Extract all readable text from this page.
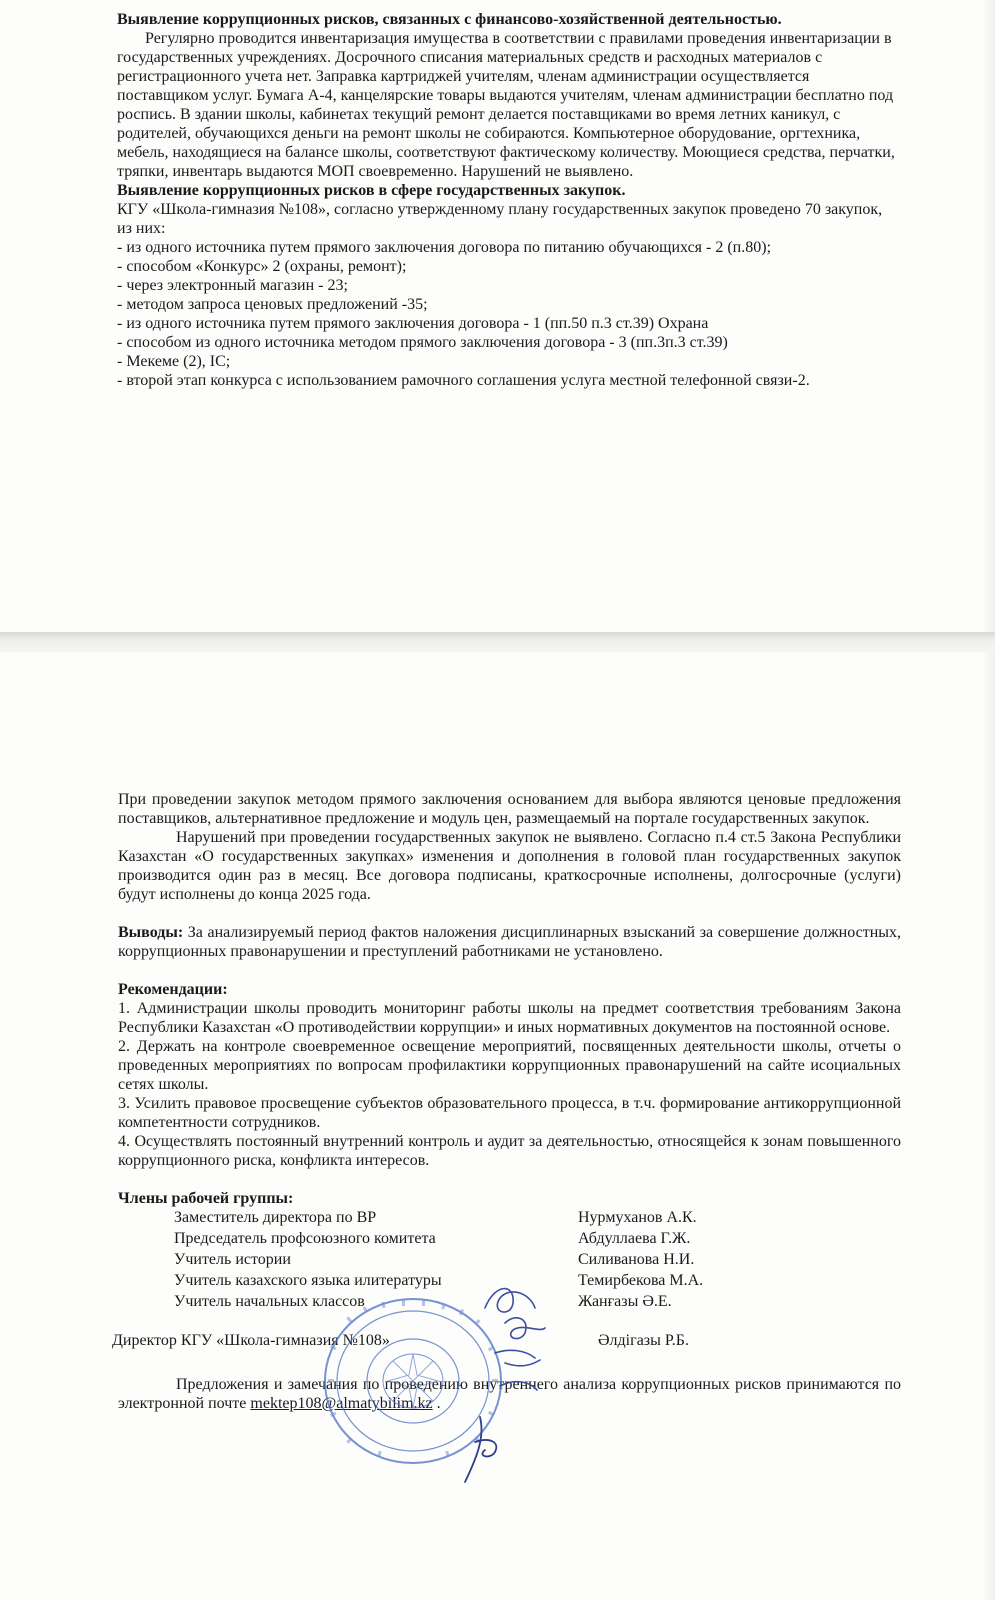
Выявление коррупционных рисков, связанных с финансово-хозяйственной деятельностью.

Регулярно проводится инвентаризация имущества в соответствии с правилами проведения инвентаризации в государственных учреждениях. Досрочного списания материальных средств и расходных материалов с регистрационного учета нет. Заправка картриджей учителям, членам администрации осуществляется поставщиком услуг. Бумага А-4, канцелярские товары выдаются учителям, членам администрации бесплатно под роспись. В здании школы, кабинетах текущий ремонт делается поставщиками во время летних каникул, с родителей, обучающихся деньги на ремонт школы не собираются. Компьютерное оборудование, оргтехника, мебель, находящиеся на балансе школы, соответствуют фактическому количеству. Моющиеся средства, перчатки, тряпки, инвентарь выдаются МОП своевременно. Нарушений не выявлено.

Выявление коррупционных рисков в сфере государственных закупок.

КГУ «Школа-гимназия №108», согласно утвержденному плану государственных закупок проведено 70 закупок, из них:

- из одного источника путем прямого заключения договора по питанию обучающихся - 2 (п.80);
- способом «Конкурс» 2 (охраны, ремонт);
- через электронный магазин - 23;
- методом запроса ценовых предложений -35;
- из одного источника путем прямого заключения договора - 1 (пп.50 п.3 ст.39) Охрана
- способом из одного источника методом прямого заключения договора - 3 (пп.3п.3 ст.39)
- Мекеме (2), IC;
- второй этап конкурса с использованием рамочного соглашения услуга местной телефонной связи-2.

При проведении закупок методом прямого заключения основанием для выбора являются ценовые предложения поставщиков, альтернативное предложение и модуль цен, размещаемый на портале государственных закупок.

Нарушений при проведении государственных закупок не выявлено. Согласно п.4 ст.5 Закона Республики Казахстан «О государственных закупках» изменения и дополнения в головой план государственных закупок производится один раз в месяц. Все договора подписаны, краткосрочные исполнены, долгосрочные (услуги) будут исполнены до конца 2025 года.

Выводы: За анализируемый период фактов наложения дисциплинарных взысканий за совершение должностных, коррупционных правонарушении и преступлений работниками не установлено.

Рекомендации:

1. Администрации школы проводить мониторинг работы школы на предмет соответствия требованиям Закона Республики Казахстан «О противодействии коррупции» и иных нормативных документов на постоянной основе.
2. Держать на контроле своевременное освещение мероприятий, посвященных деятельности школы, отчеты о проведенных мероприятиях по вопросам профилактики коррупционных правонарушений на сайте исоциальных сетях школы.
3. Усилить правовое просвещение субъектов образовательного процесса, в т.ч. формирование антикоррупционной компетентности сотрудников.
4. Осуществлять постоянный внутренний контроль и аудит за деятельностью, относящейся к зонам повышенного коррупционного риска, конфликта интересов.

Члены рабочей группы:

Заместитель директора по ВР	Нурмуханов А.К.
Председатель профсоюзного комитета	Абдуллаева Г.Ж.
Учитель истории	Силиванова Н.И.
Учитель казахского языка илитературы	Темирбекова М.А.
Учитель начальных классов	Жанғазы Ә.Е.
Директор КГУ «Школа-гимназия №108»	Әлдігазы Р.Б.

Предложения и замечания по проведению внутреннего анализа коррупционных рисков принимаются по электронной почте mektep108@almatybilim.kz .
